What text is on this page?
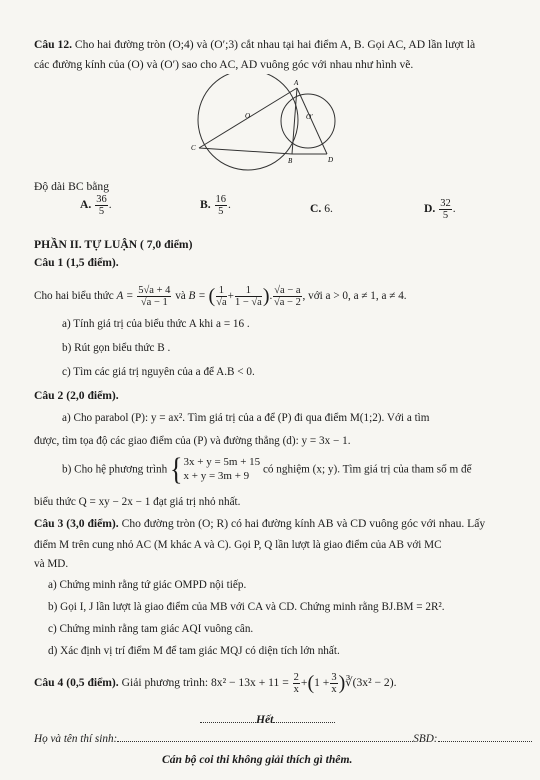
Câu 12. Cho hai đường tròn (O;4) và (O′;3) cắt nhau tại hai điểm A, B. Gọi AC, AD lần lượt là
các đường kính của (O) và (O′) sao cho AC, AD vuông góc với nhau như hình vẽ.
A
C
B	D
O	O′
Độ dài BC bằng
A. $\frac{36}{5}$ .	B. $\frac{16}{5}$ .	C. 6.	D. $\frac{32}{5}$ .
PHẦN II. TỰ LUẬN ( 7,0 điểm)
Câu 1 (1,5 điểm).
Cho hai biểu thức $A = \frac{5√a + 4}{√a - 1}$ và B = ( $\frac{1}{√a} + \frac{1}{1 - √a}$ ). $\frac{√a - a}{√a - 2}$ , với a > 0, a ≠ 1, a ≠ 4.
a) Tính giá trị của biểu thức A khi a = 16 .
b) Rút gọn biểu thức B .
c) Tìm các giá trị nguyên của a để A.B < 0.
Câu 2 (2,0 điểm).
a) Cho parabol (P): y = ax². Tìm giá trị của a để (P) đi qua điểm M(1;2). Với a tìm
được, tìm tọa độ các giao điểm của (P) và đường thẳng (d): y = 3x − 1.
b) Cho hệ phương trình { 3x + y = 5m + 15
x + y = 3m + 9
có nghiệm (x; y). Tìm giá trị của tham số m để
biểu thức Q = xy − 2x − 1 đạt giá trị nhỏ nhất.
Câu 3 (3,0 điểm). Cho đường tròn (O; R) có hai đường kính AB và CD vuông góc với nhau. Lấy
điểm M trên cung nhỏ AC (M khác A và C). Gọi P, Q lần lượt là giao điểm của AB với MC
và MD.
a) Chứng minh rằng tứ giác OMPD nội tiếp.
b) Gọi I, J lần lượt là giao điểm của MB với CA và CD. Chứng minh rằng BJ.BM = 2R².
c) Chứng minh rằng tam giác AQI vuông cân.
d) Xác định vị trí điểm M để tam giác MQJ có diện tích lớn nhất.
Câu 4 (0,5 điểm). Giải phương trình: $8x^2 - 13x + 11 = \frac{2}{x} +(1 + \frac{3}{x}$ )∛(3x² − 2).
Hết
Họ và tên thí sinh:	SBD:
Cán bộ coi thi không giải thích gì thêm.
